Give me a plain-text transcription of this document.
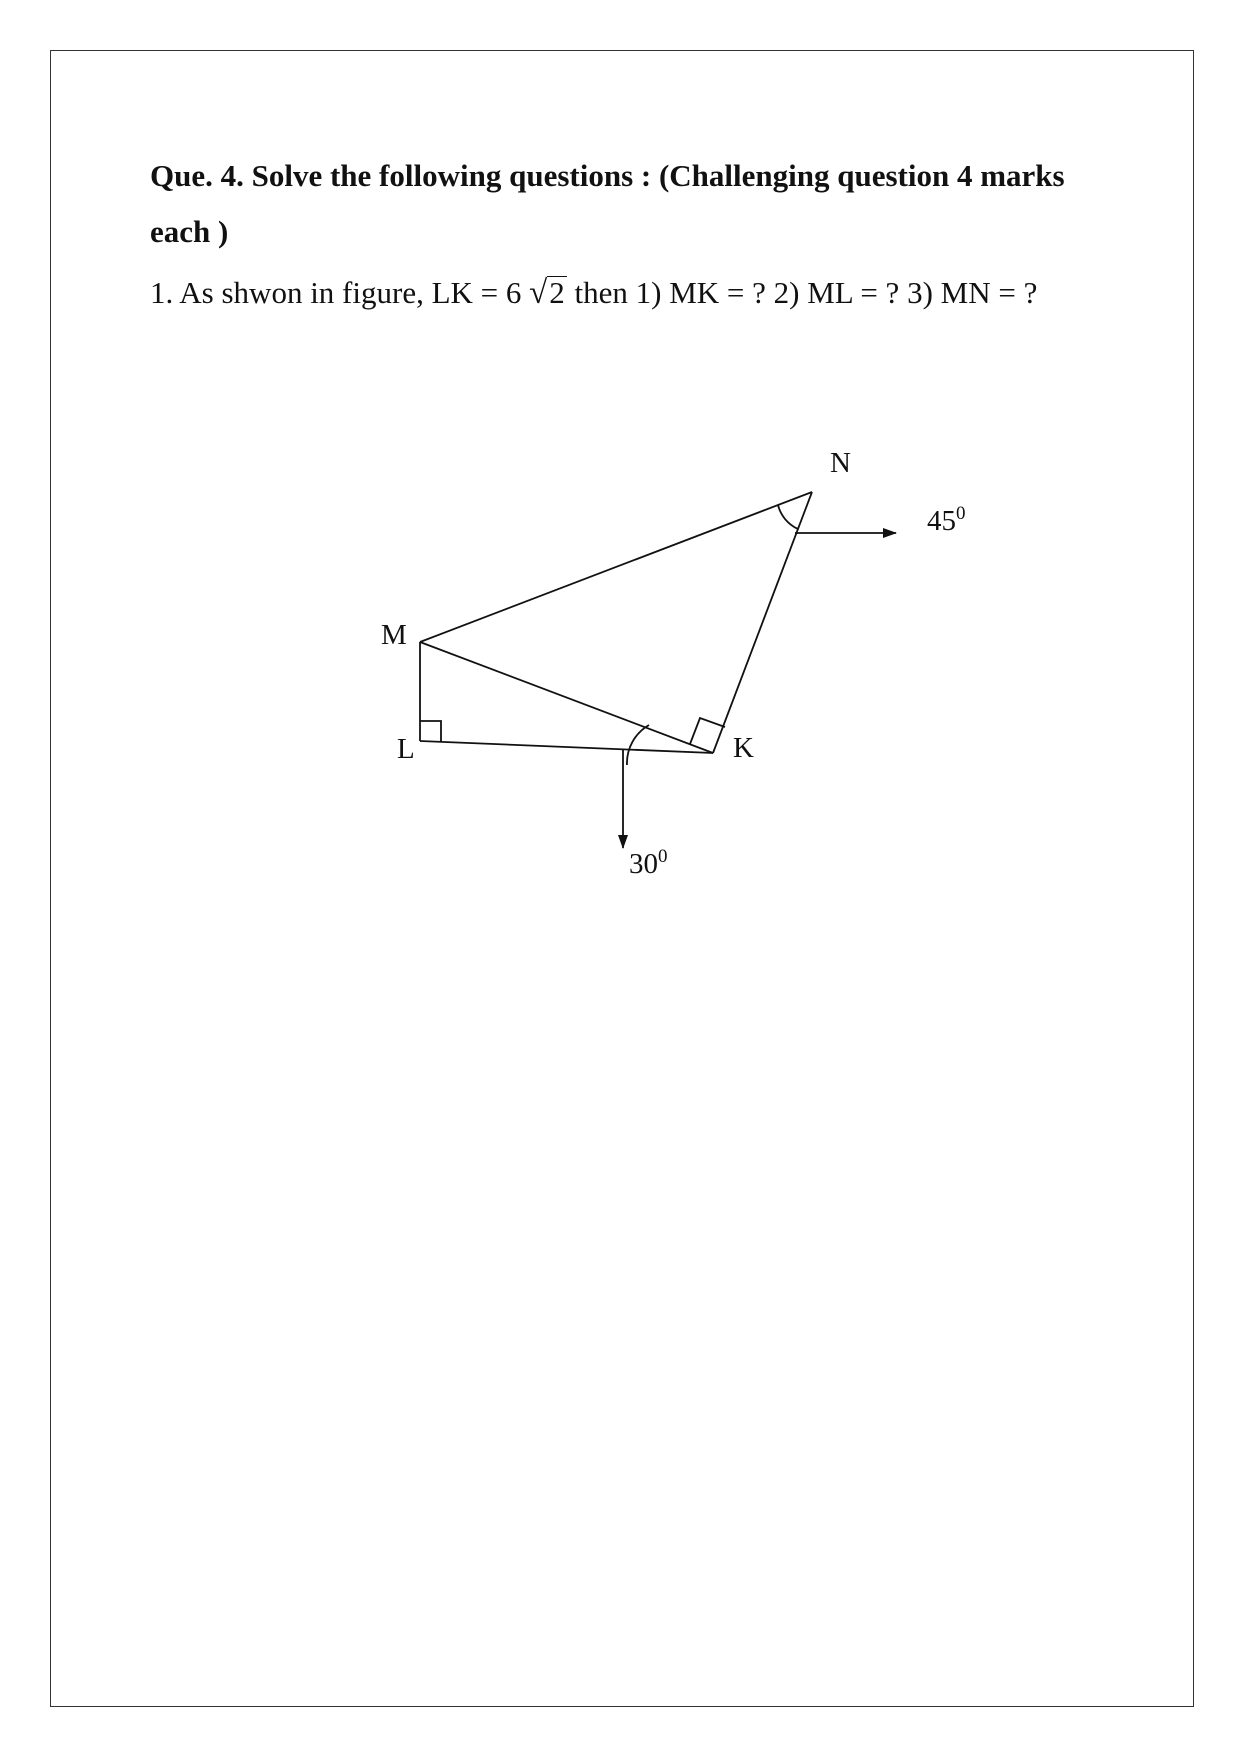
Que. 4. Solve the following questions : (Challenging question 4 marks each )

1. As shwon in figure, LK = 6 √2 then 1) MK = ? 2) ML = ? 3) MN = ?

N
M
L	K
$45^0$
$30^0$
